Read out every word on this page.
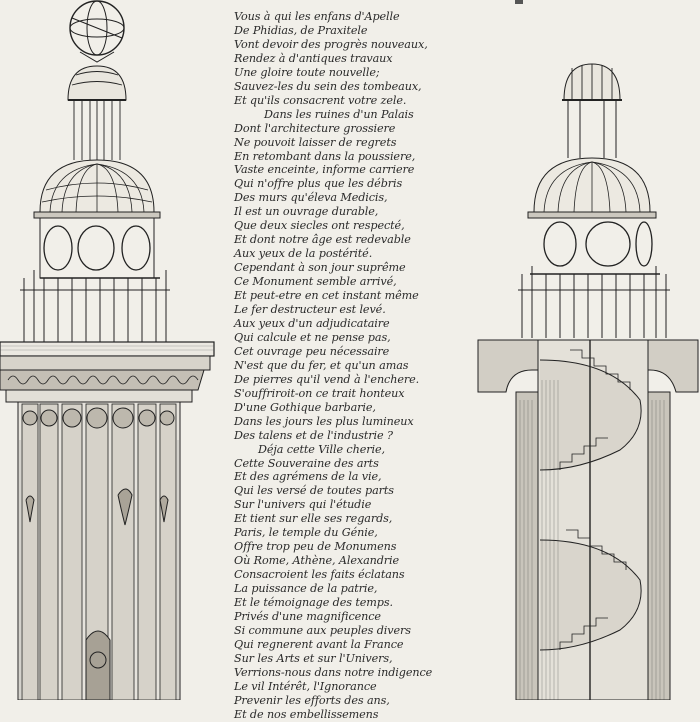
Vous à qui les enfans d'Apelle
De Phidias, de Praxitele
Vont devoir des progrès nouveaux,
Rendez à d'antiques travaux
Une gloire toute nouvelle;
Sauvez-les du sein des tombeaux,
Et qu'ils consacrent votre zele.
Dans les ruines d'un Palais
Dont l'architecture grossiere
Ne pouvoit laisser de regrets
En retombant dans la poussiere,
Vaste enceinte, informe carriere
Qui n'offre plus que les débris
Des murs qu'éleva Medicis,
Il est un ouvrage durable,
Que deux siecles ont respecté,
Et dont notre âge est redevable
Aux yeux de la postérité.
Cependant à son jour suprême
Ce Monument semble arrivé,
Et peut-etre en cet instant même
Le fer destructeur est levé.
Aux yeux d'un adjudicataire
Qui calcule et ne pense pas,
Cet ouvrage peu nécessaire
N'est que du fer, et qu'un amas
De pierres qu'il vend à l'enchere.
S'ouffriroit-on ce trait honteux
D'une Gothique barbarie,
Dans les jours les plus lumineux
Des talens et de l'industrie ?
Déja cette Ville cherie,
Cette Souveraine des arts
Et des agrémens de la vie,
Qui les versé de toutes parts
Sur l'univers qui l'étudie
Et tient sur elle ses regards,
Paris, le temple du Génie,
Offre trop peu de Monumens
Où Rome, Athène, Alexandrie
Consacroient les faits éclatans
La puissance de la patrie,
Et le témoignage des temps.
Privés d'une magnificence
Si commune aux peuples divers
Qui regnerent avant la France
Sur les Arts et sur l'Univers,
Verrions-nous dans notre indigence
Le vil Intérêt, l'Ignorance
Prevenir les efforts des ans,
Et de nos embellissemens
